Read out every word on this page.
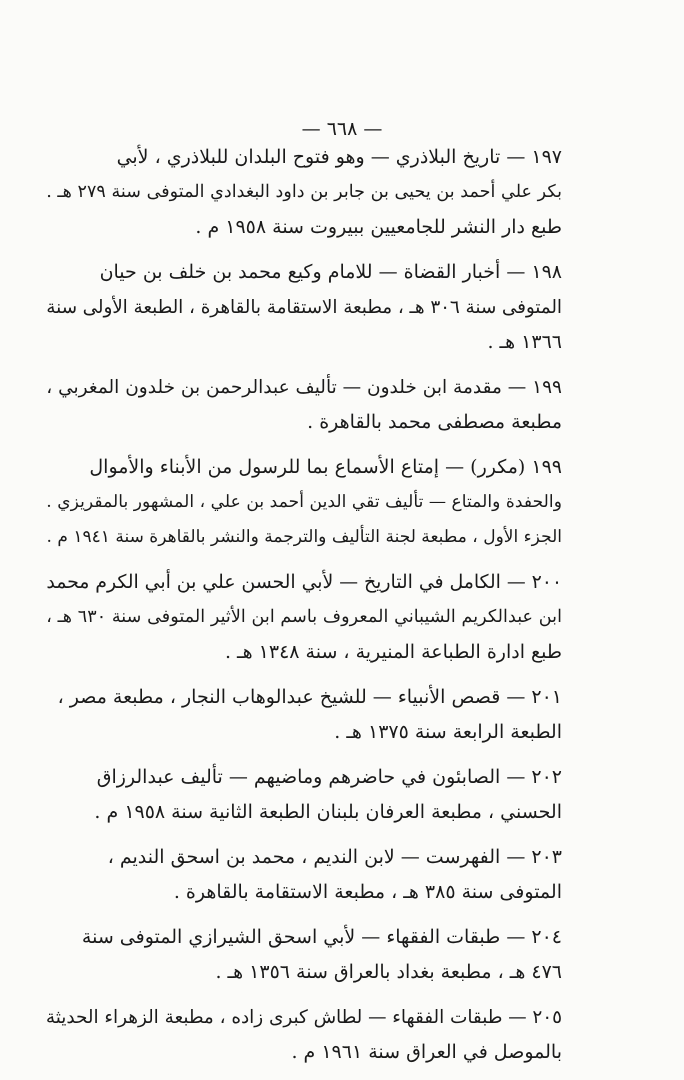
— ٦٦٨ —
١٩٧ — تاريخ البلاذري — وهو فتوح البلدان للبلاذري ، لأبي
بكر علي أحمد بن يحيى بن جابر بن داود البغدادي المتوفى سنة ٢٧٩ هـ .
طبع دار النشر للجامعيين ببيروت سنة ١٩٥٨ م .
١٩٨ — أخبار القضاة — للامام وكيع محمد بن خلف بن حيان
المتوفى سنة ٣٠٦ هـ ، مطبعة الاستقامة بالقاهرة ، الطبعة الأولى سنة
١٣٦٦ هـ .
١٩٩ — مقدمة ابن خلدون — تأليف عبدالرحمن بن خلدون المغربي ،
مطبعة مصطفى محمد بالقاهرة .
١٩٩ (مكرر) — إمتاع الأسماع بما للرسول من الأبناء والأموال
والحفدة والمتاع — تأليف تقي الدين أحمد بن علي ، المشهور بالمقريزي .
الجزء الأول ، مطبعة لجنة التأليف والترجمة والنشر بالقاهرة سنة ١٩٤١ م .
٢٠٠ — الكامل في التاريخ — لأبي الحسن علي بن أبي الكرم محمد
ابن عبدالكريم الشيباني المعروف باسم ابن الأثير المتوفى سنة ٦٣٠ هـ ،
طبع ادارة الطباعة المنيرية ، سنة ١٣٤٨ هـ .
٢٠١ — قصص الأنبياء — للشيخ عبدالوهاب النجار ، مطبعة مصر ،
الطبعة الرابعة سنة ١٣٧٥ هـ .
٢٠٢ — الصابئون في حاضرهم وماضيهم — تأليف عبدالرزاق
الحسني ، مطبعة العرفان بلبنان الطبعة الثانية سنة ١٩٥٨ م .
٢٠٣ — الفهرست — لابن النديم ، محمد بن اسحق النديم ،
المتوفى سنة ٣٨٥ هـ ، مطبعة الاستقامة بالقاهرة .
٢٠٤ — طبقات الفقهاء — لأبي اسحق الشيرازي المتوفى سنة
٤٧٦ هـ ، مطبعة بغداد بالعراق سنة ١٣٥٦ هـ .
٢٠٥ — طبقات الفقهاء — لطاش كبرى زاده ، مطبعة الزهراء الحديثة
بالموصل في العراق سنة ١٩٦١ م .
